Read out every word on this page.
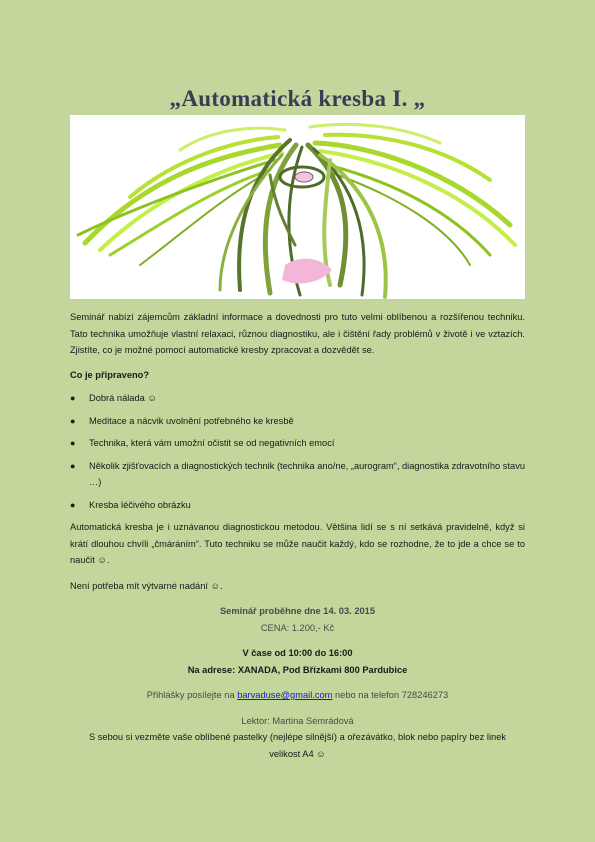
„Automatická kresba I. „

Seminář nabízí zájemcům základní informace a dovednosti pro tuto velmi oblíbenou a rozšířenou techniku. Tato technika umožňuje vlastní relaxaci, různou diagnostiku, ale i čištění řady problémů v životě i ve vztazích. Zjistíte, co je možné pomocí automatické kresby zpracovat a dozvědět se.

Co je připraveno?
● Dobrá nálada ☺
● Meditace a nácvik uvolnění potřebného ke kresbě
● Technika, která vám umožní očistit se od negativních emocí
● Několik zjišťovacích a diagnostických technik (technika ano/ne, „aurogram“, diagnostika zdravotního stavu …)
● Kresba léčivého obrázku

Automatická kresba je i uznávanou diagnostickou metodou. Většina lidí se s ní setkává pravidelně, když si krátí dlouhou chvíli „čmáráním“. Tuto techniku se může naučit každý, kdo se rozhodne, že to jde a chce se to naučit ☺.

Není potřeba mít výtvarné nadání ☺.

Seminář proběhne dne 14. 03. 2015
CENA: 1.200,- Kč
V čase od 10:00 do 16:00
Na adrese: XANADA, Pod Břízkami 800 Pardubice
Přihlášky posílejte na barvaduse@gmail.com nebo na telefon 728246273
Lektor: Martina Semrádová
S sebou si vezměte vaše oblíbené pastelky (nejlépe silnější) a ořezávátko, blok nebo papíry bez linek
velikost A4 ☺
